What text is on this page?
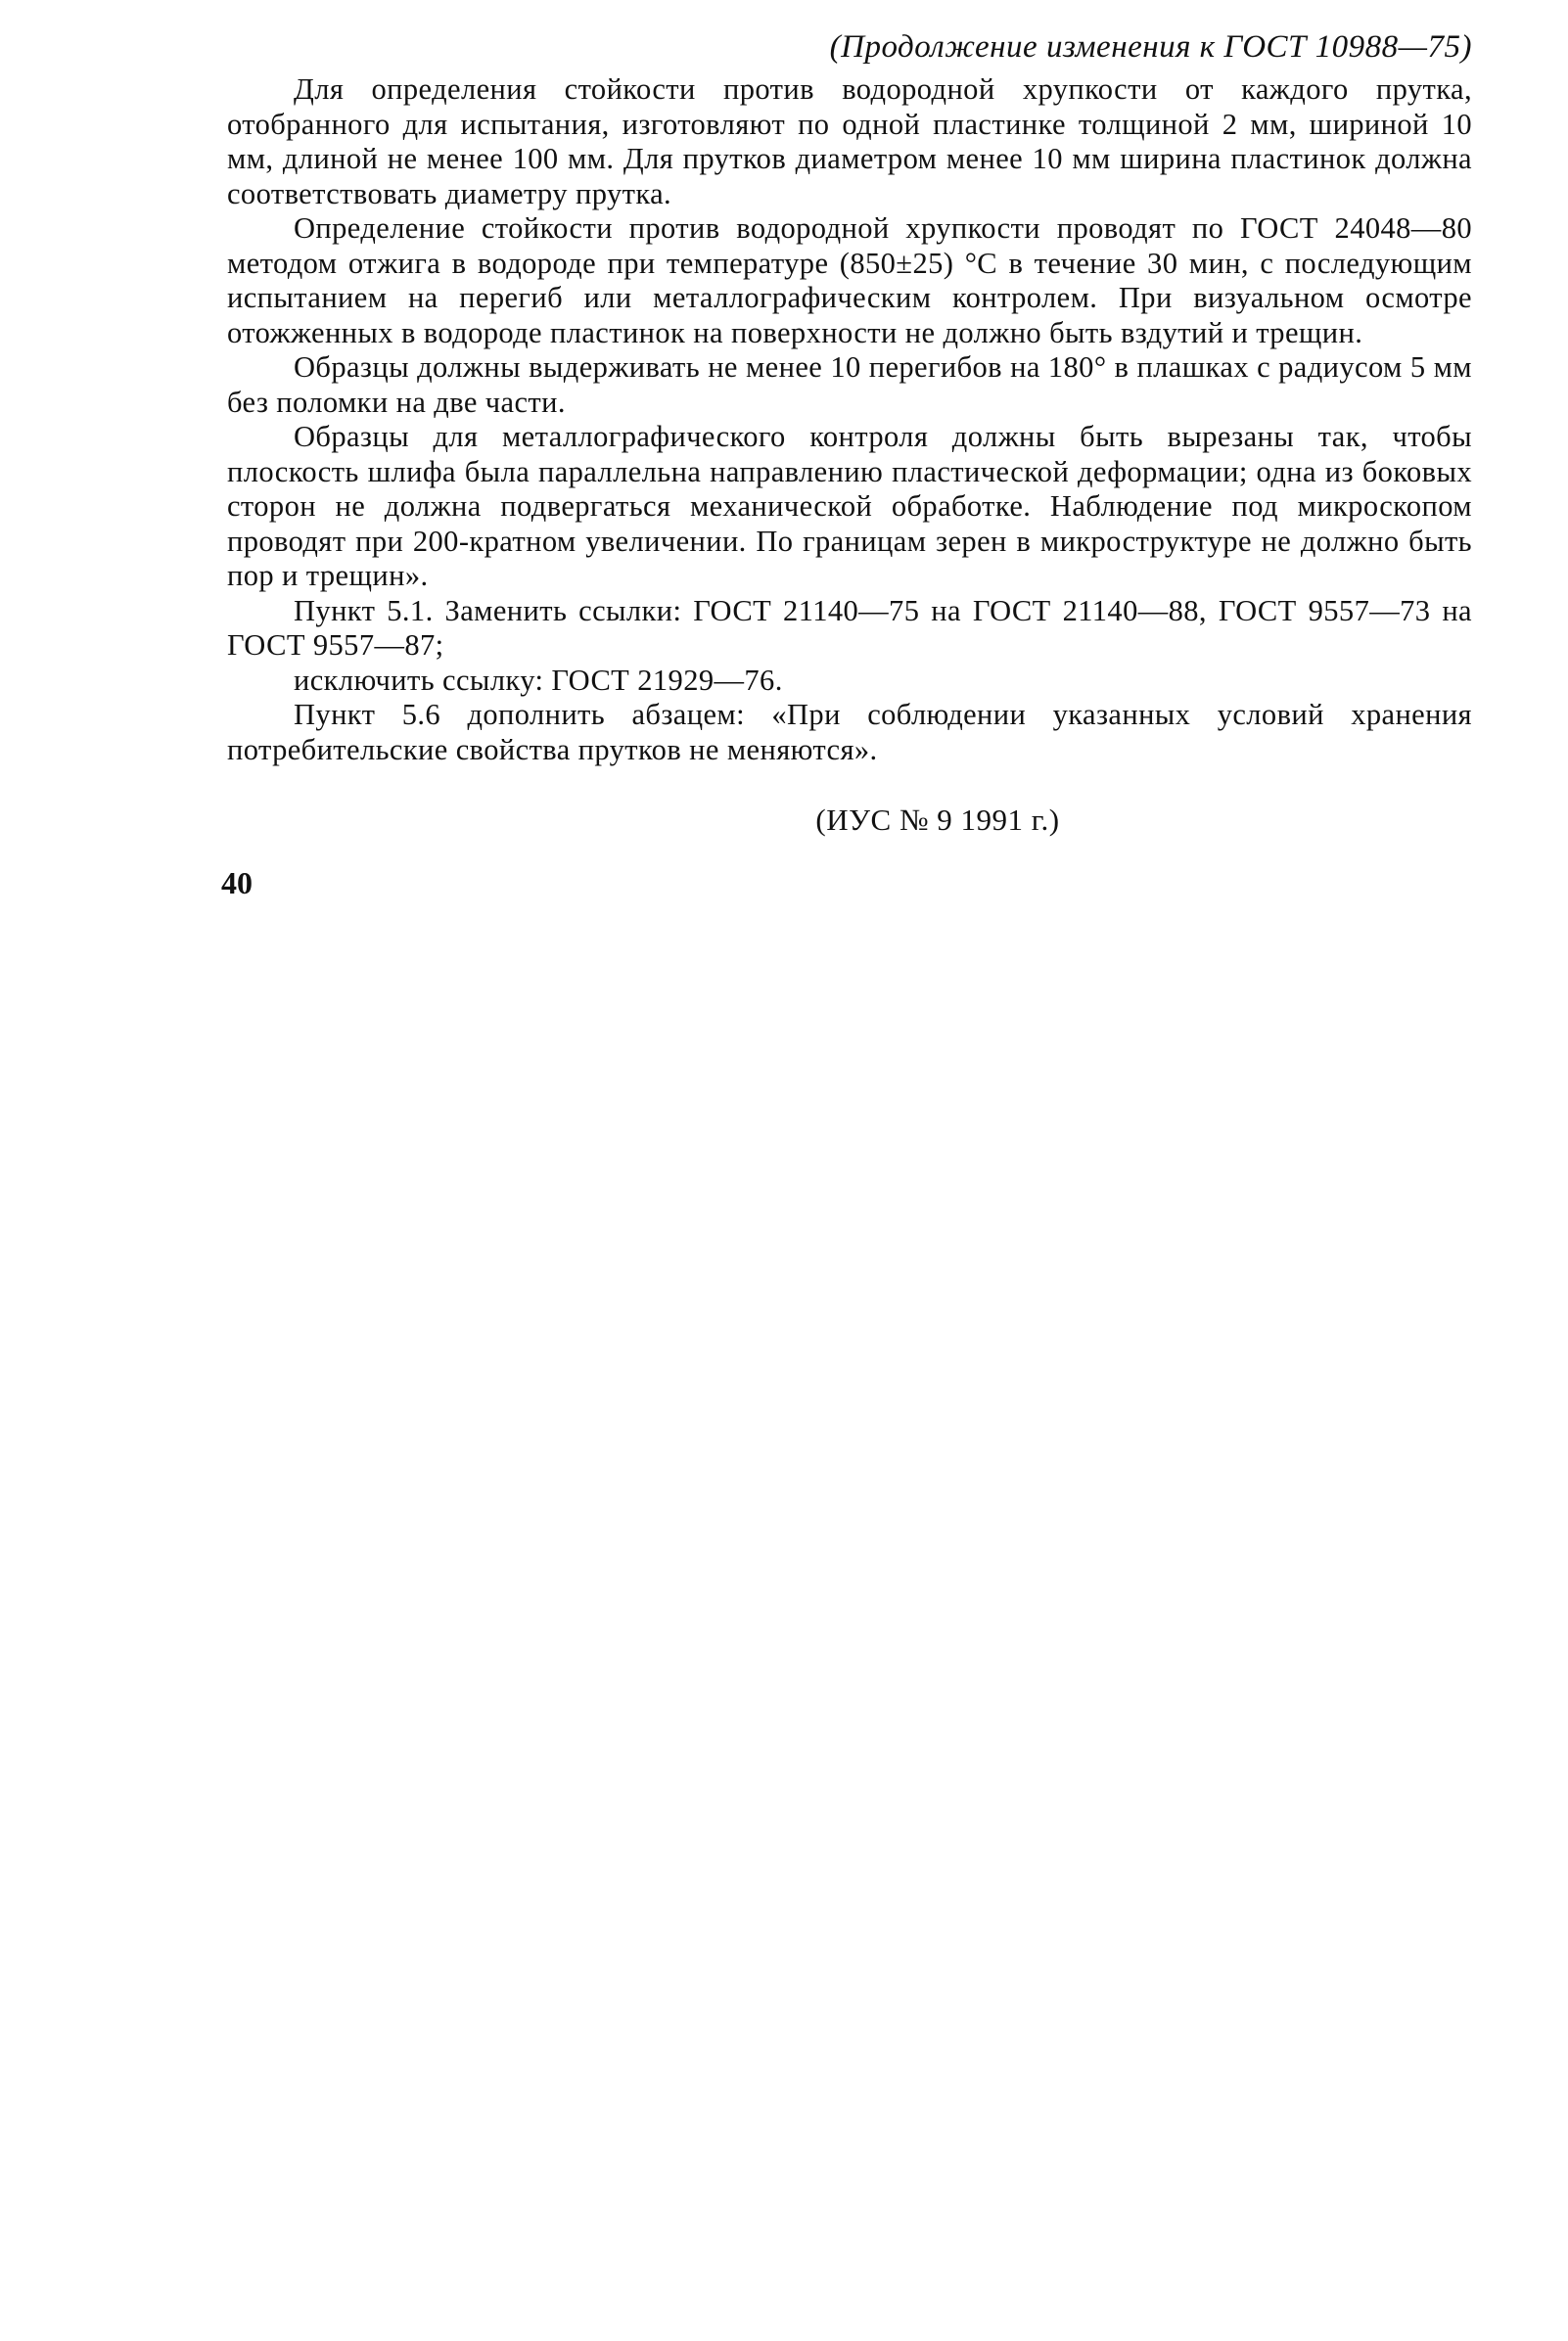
(Продолжение изменения к ГОСТ 10988—75)

Для определения стойкости против водородной хрупкости от каждого прутка, отобранного для испытания, изготовляют по одной пластинке толщиной 2 мм, шириной 10 мм, длиной не менее 100 мм. Для прутков диаметром менее 10 мм ширина пластинок должна соответствовать диаметру прутка.

Определение стойкости против водородной хрупкости проводят по ГОСТ 24048—80 методом отжига в водороде при температуре (850±25) °С в течение 30 мин, с последующим испытанием на перегиб или металлографическим контролем. При визуальном осмотре отожженных в водороде пластинок на поверхности не должно быть вздутий и трещин.

Образцы должны выдерживать не менее 10 перегибов на 180° в плашках с радиусом 5 мм без поломки на две части.

Образцы для металлографического контроля должны быть вырезаны так, чтобы плоскость шлифа была параллельна направлению пластической деформации; одна из боковых сторон не должна подвергаться механической обработке. Наблюдение под микроскопом проводят при 200-кратном увеличении. По границам зерен в микроструктуре не должно быть пор и трещин».

Пункт 5.1. Заменить ссылки: ГОСТ 21140—75 на ГОСТ 21140—88, ГОСТ 9557—73 на ГОСТ 9557—87;

исключить ссылку: ГОСТ 21929—76.

Пункт 5.6 дополнить абзацем: «При соблюдении указанных условий хранения потребительские свойства прутков не меняются».

(ИУС № 9 1991 г.)

40
